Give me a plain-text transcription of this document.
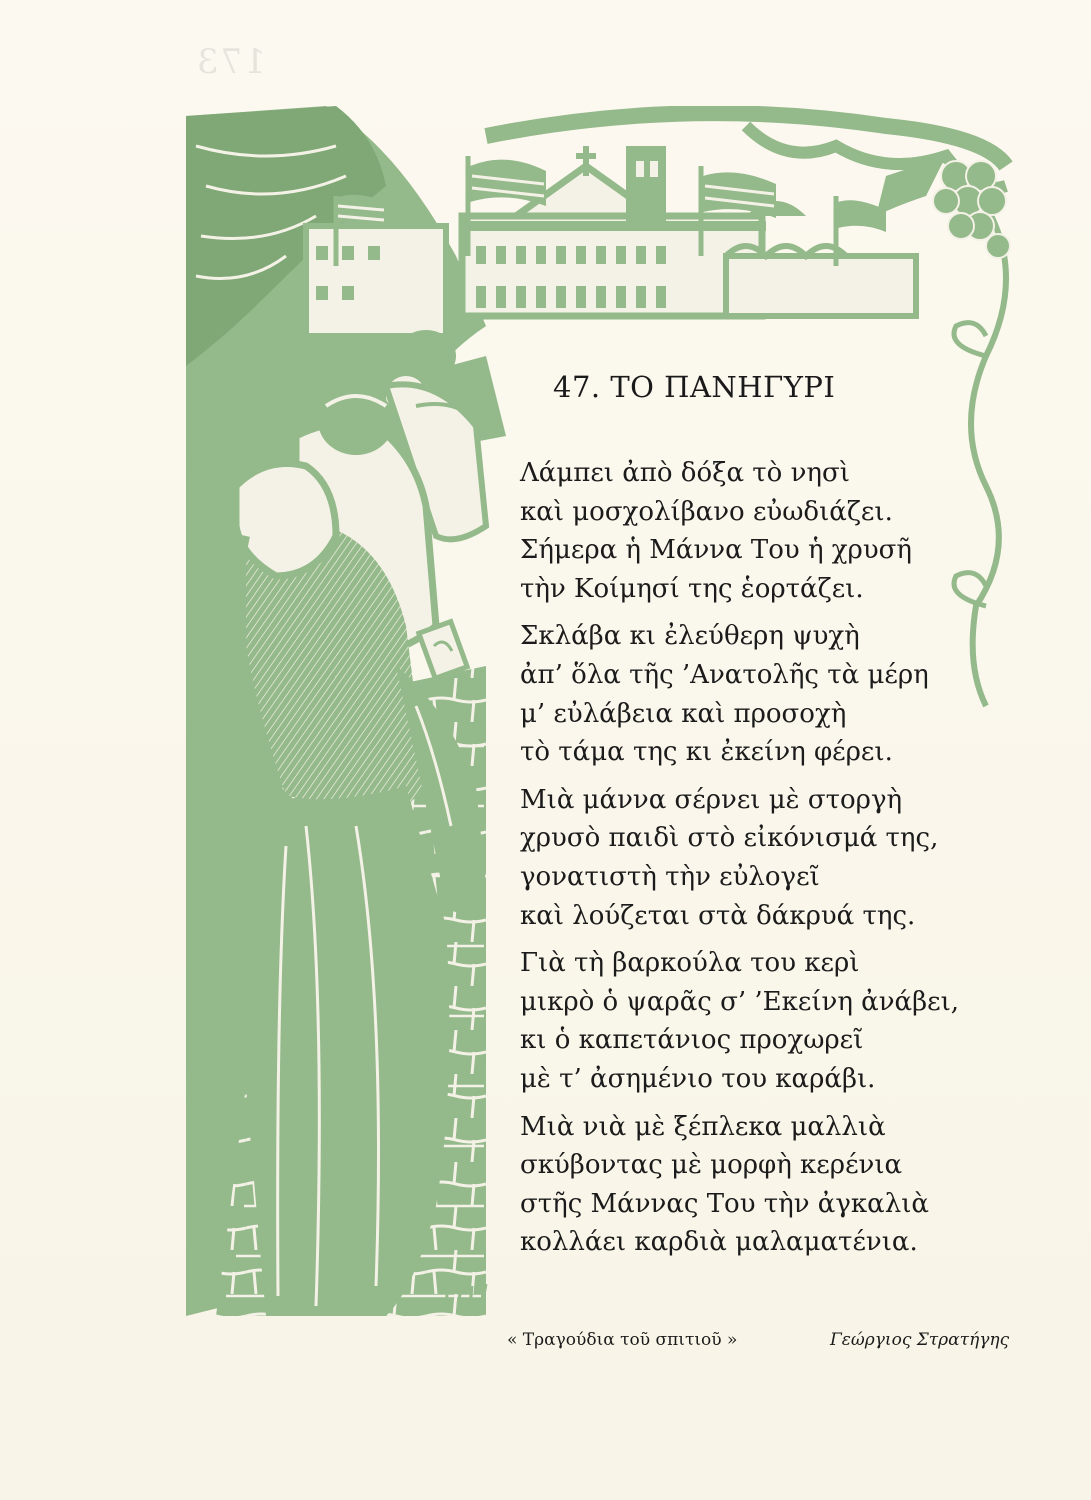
173
47. ΤΟ ΠΑΝΗΓΥΡΙ
Λάμπει ἀπὸ δόξα τὸ νησὶ
καὶ μοσχολίβανο εὐωδιάζει.
Σήμερα ἡ Μάννα Του ἡ χρυσῆ
τὴν Κοίμησί της ἑορτάζει.
Σκλάβα κι ἐλεύθερη ψυχὴ
ἀπ’ ὅλα τῆς ’Ανατολῆς τὰ μέρη
μ’ εὐλάβεια καὶ προσοχὴ
τὸ τάμα της κι ἐκείνη φέρει.
Μιὰ μάννα σέρνει μὲ στοργὴ
χρυσὸ παιδὶ στὸ εἰκόνισμά της,
γονατιστὴ τὴν εὐλογεῖ
καὶ λούζεται στὰ δάκρυά της.
Γιὰ τὴ βαρκούλα του κερὶ
μικρὸ ὁ ψαρᾶς σ’ ’Εκείνη ἀνάβει,
κι ὁ καπετάνιος προχωρεῖ
μὲ τ’ ἀσημένιο του καράβι.
Μιὰ νιὰ μὲ ξέπλεκα μαλλιὰ
σκύβοντας μὲ μορφὴ κερένια
στῆς Μάννας Του τὴν ἀγκαλιὰ
κολλάει καρδιὰ μαλαματένια.
« Τραγούδια τοῦ σπιτιοῦ »	Γεώργιος Στρατήγης
